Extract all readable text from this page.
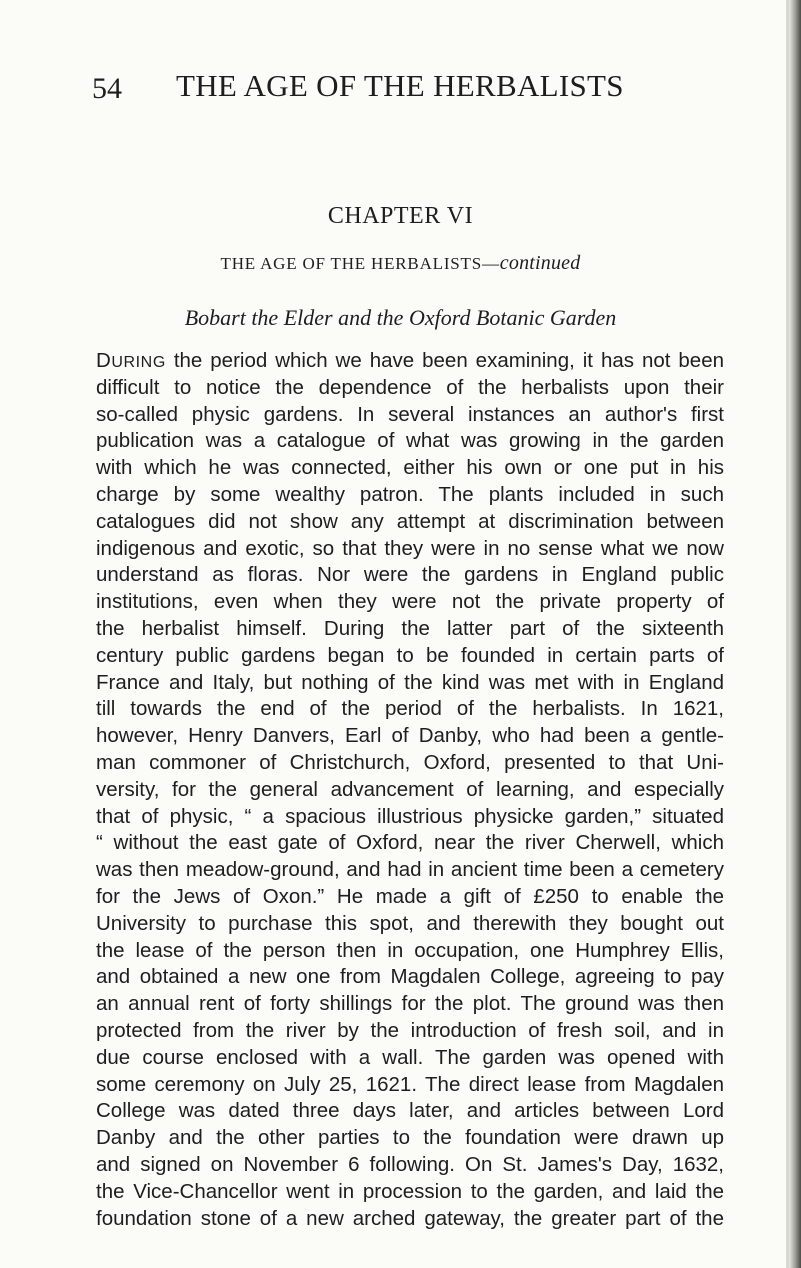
54 THE AGE OF THE HERBALISTS
CHAPTER VI
THE AGE OF THE HERBALISTS—continued
Bobart the Elder and the Oxford Botanic Garden
DURING the period which we have been examining, it has not been
difficult to notice the dependence of the herbalists upon their
so-called physic gardens. In several instances an author's first
publication was a catalogue of what was growing in the garden
with which he was connected, either his own or one put in his
charge by some wealthy patron. The plants included in such
catalogues did not show any attempt at discrimination between
indigenous and exotic, so that they were in no sense what we now
understand as floras. Nor were the gardens in England public
institutions, even when they were not the private property of
the herbalist himself. During the latter part of the sixteenth
century public gardens began to be founded in certain parts of
France and Italy, but nothing of the kind was met with in England
till towards the end of the period of the herbalists. In 1621,
however, Henry Danvers, Earl of Danby, who had been a gentle-
man commoner of Christchurch, Oxford, presented to that Uni-
versity, for the general advancement of learning, and especially
that of physic, “ a spacious illustrious physicke garden,” situated
“ without the east gate of Oxford, near the river Cherwell, which
was then meadow-ground, and had in ancient time been a cemetery
for the Jews of Oxon.” He made a gift of £250 to enable the
University to purchase this spot, and therewith they bought out
the lease of the person then in occupation, one Humphrey Ellis,
and obtained a new one from Magdalen College, agreeing to pay
an annual rent of forty shillings for the plot. The ground was then
protected from the river by the introduction of fresh soil, and in
due course enclosed with a wall. The garden was opened with
some ceremony on July 25, 1621. The direct lease from Magdalen
College was dated three days later, and articles between Lord
Danby and the other parties to the foundation were drawn up
and signed on November 6 following. On St. James's Day, 1632,
the Vice-Chancellor went in procession to the garden, and laid the
foundation stone of a new arched gateway, the greater part of the
